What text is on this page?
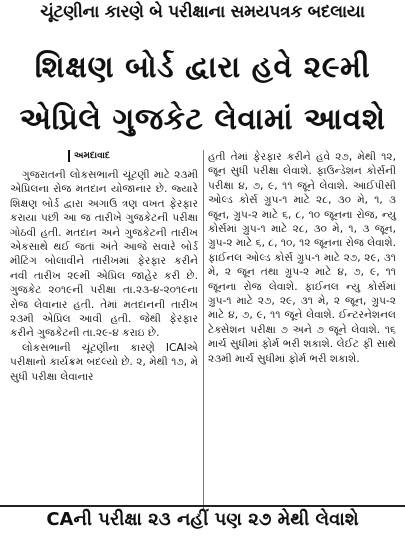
ચૂંટણીના કારણે બે પરીક્ષાના સમયપત્રક બદલાયા
શિક્ષણ બોર્ડ દ્વારા હવે ૨૯મી
એપ્રિલે ગુજકેટ લેવામાં આવશે
અમદાવાદ

ગુજરાતની લોકસભાની ચૂંટણી માટે ૨૩મી એપ્રિલના રોજ મતદાન યોજાનાર છે. જ્યારે શિક્ષણ બોર્ડ દ્વારા અગાઉ ત્રણ વખત ફેરફાર કરાયા પછી આ જ તારીખે ગુજકેટની પરીક્ષા ગોઠવી હતી. મતદાન અને ગુજકેટની તારીખ એકસાથે થઈ જતાં અંતે આજે સવારે બોર્ડ મીટિંગ બોલાવીને તારીખમાં ફેરફાર કરીને નવી તારીખ ૨૯મી એપ્રિલ જાહેર કરી છે. ગુજકેટ ૨૦૧૯ની પરીક્ષા તા.૨૩-૪-૨૦૧૯ના રોજ લેવાનાર હતી. તેમાં મતદાનની તારીખ ૨૩મી એપ્રિલ આવી હતી. જેથી ફેરફાર કરીને ગુજકેટની તા.૨૯-૪ કરાઇ છે.

લોકસભાની ચૂંટણીના કારણે ICAIએ પરીક્ષાનો કાર્યક્રમ બદલ્યો છે. ૨, મેથી ૧૭, મે સુધી પરીક્ષા લેવાનાર

હતી તેમાં ફેરફાર કરીને હવે ૨૭, મેથી ૧૨, જૂન સુધી પરીક્ષા લેવાશે. ફાઉન્ડેશન કોર્સની પરીક્ષા ૪, ૭, ૯, ૧૧ જૂને લેવાશે. આઈપીસી ઓલ્ડ કોર્સ ગ્રુપ-૧ માટે ૨૮, ૩૦ મે, ૧, ૩ જૂન, ગ્રુપ-૨ માટે ૬, ૮, ૧૦ જૂનના રોજ, ન્યુ કોર્સમાં ગ્રુપ-૧ માટે ૨૮, ૩૦ મે, ૧, ૩ જૂન, ગ્રુપ-૨ માટે ૬, ૮, ૧૦, ૧૨ જૂનના રોજ લેવાશે. ફાઈનલ ઓલ્ડ કોર્સ ગ્રુપ-૧ માટે ૨૭, ૨૯, ૩૧ મે, ૨ જૂન તથા ગ્રુપ-૨ માટે ૪, ૭, ૯, ૧૧ જૂનના રોજ લેવાશે. ફાઈનલ ન્યુ કોર્સમાં ગ્રુપ-૧ માટે ૨૭, ૨૯, ૩૧ મે, ૨ જૂન, ગ્રુપ-૨ માટે ૪, ૭, ૯, ૧૧ જૂને લેવાશે. ઈન્ટરનેશનલ ટેક્સેશન પરીક્ષા ૭ અને ૭ જૂને લેવાશે. ૧૬ માર્ચ સુધીમાં ફોર્મ ભરી શકાશે. લેઈટ ફી સાથે ૨૩મી માર્ચ સુધીમાં ફોર્મ ભરી શકાશે.

CAની પરીક્ષા ૨૩ નહીં પણ ૨૭ મેથી લેવાશે
